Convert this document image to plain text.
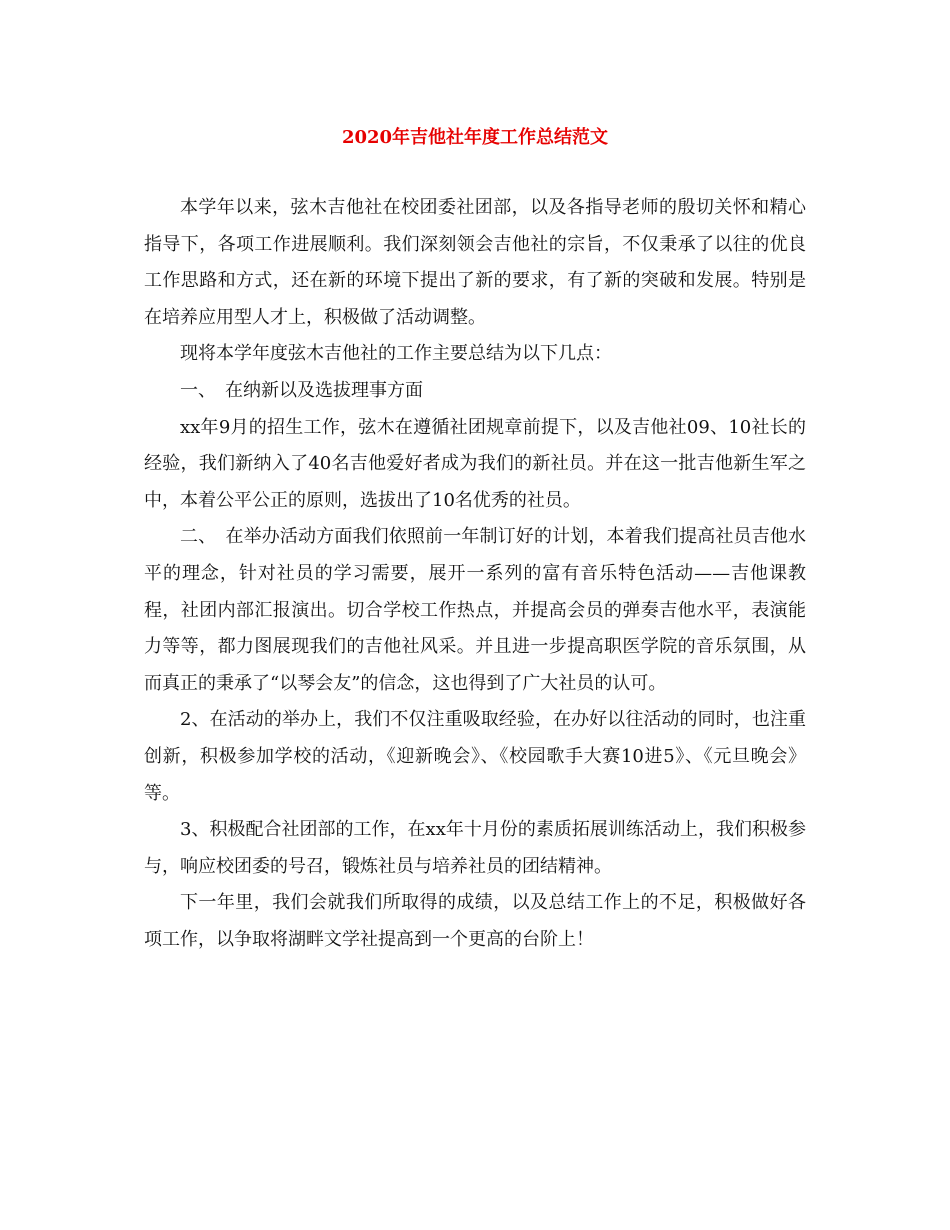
2020年吉他社年度工作总结范文

本学年以来，弦木吉他社在校团委社团部，以及各指导老师的殷切关怀和精心指导下，各项工作进展顺利。我们深刻领会吉他社的宗旨，不仅秉承了以往的优良工作思路和方式，还在新的环境下提出了新的要求，有了新的突破和发展。特别是在培养应用型人才上，积极做了活动调整。

现将本学年度弦木吉他社的工作主要总结为以下几点：

一、　在纳新以及选拔理事方面

xx年9月的招生工作，弦木在遵循社团规章前提下，以及吉他社09、10社长的经验，我们新纳入了40名吉他爱好者成为我们的新社员。并在这一批吉他新生军之中，本着公平公正的原则，选拔出了10名优秀的社员。

二、　在举办活动方面我们依照前一年制订好的计划，本着我们提高社员吉他水平的理念，针对社员的学习需要，展开一系列的富有音乐特色活动——吉他课教程，社团内部汇报演出。切合学校工作热点，并提高会员的弹奏吉他水平，表演能力等等，都力图展现我们的吉他社风采。并且进一步提高职医学院的音乐氛围，从而真正的秉承了“以琴会友”的信念，这也得到了广大社员的认可。

2、在活动的举办上，我们不仅注重吸取经验，在办好以往活动的同时，也注重创新，积极参加学校的活动，《迎新晚会》、《校园歌手大赛10进5》、《元旦晚会》等。

3、积极配合社团部的工作，在xx年十月份的素质拓展训练活动上，我们积极参与，响应校团委的号召，锻炼社员与培养社员的团结精神。

下一年里，我们会就我们所取得的成绩，以及总结工作上的不足，积极做好各项工作，以争取将湖畔文学社提高到一个更高的台阶上！
